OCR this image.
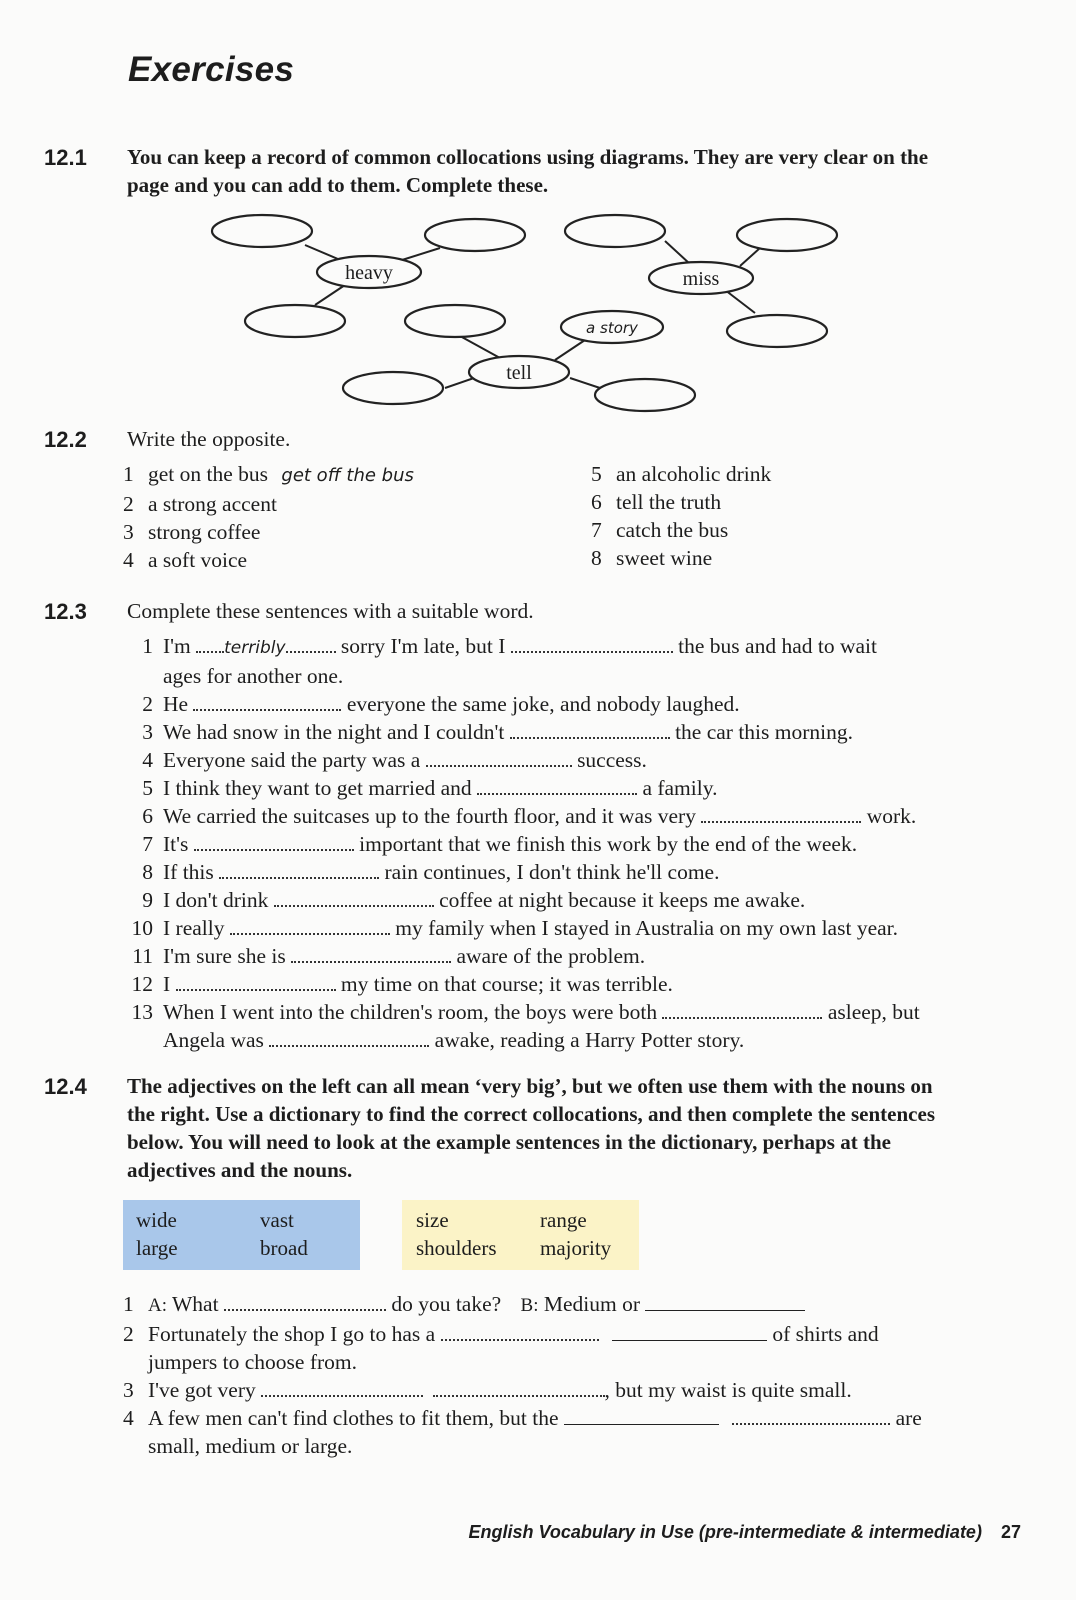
Exercises
12.1 You can keep a record of common collocations using diagrams. They are very clear on the
page and you can add to them. Complete these.
heavy	miss
tell
a story
12.2 Write the opposite.
1 get on the bus get off the bus
2 a strong accent
3 strong coffee
4 a soft voice
5 an alcoholic drink
6 tell the truth
7 catch the bus
8 sweet wine
12.3 Complete these sentences with a suitable word.
1 I'm terribly	sorry I'm late, but I	the bus and had to wait
ages for another one.
2 He	everyone the same joke, and nobody laughed.
3 We had snow in the night and I couldn't	the car this morning.
4 Everyone said the party was a	success.
5 I think they want to get married and	a family.
6 We carried the suitcases up to the fourth floor, and it was very	work.
7 It's	important that we finish this work by the end of the week.
8 If this	rain continues, I don't think he'll come.
9 I don't drink	coffee at night because it keeps me awake.
10 I really	my family when I stayed in Australia on my own last year.
11 I'm sure she is	aware of the problem.
12 I	my time on that course; it was terrible.
13 When I went into the children's room, the boys were both	asleep, but
Angela was	awake, reading a Harry Potter story.
12.4 The adjectives on the left can all mean ‘very big’, but we often use them with the nouns on
the right. Use a dictionary to find the correct collocations, and then complete the sentences
below. You will need to look at the example sentences in the dictionary, perhaps at the
adjectives and the nouns.
wide	vast
large	broad
size	range
shoulders majority
1 A: What	do you take? B: Medium or
2 Fortunately the shop I go to has a	of shirts and
jumpers to choose from.
3 I've got very	, but my waist is quite small.
4 A few men can't find clothes to fit them, but the	are
small, medium or large.
English Vocabulary in Use (pre-intermediate & intermediate) 27
